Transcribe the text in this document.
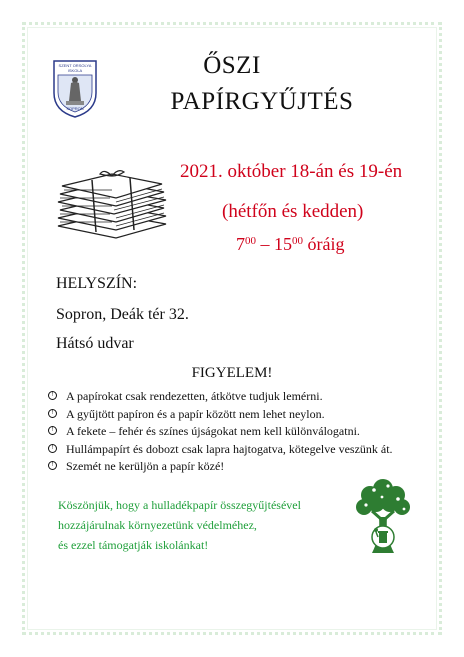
SZENT ORSOLYA
ISKOLA
SOPRON
ŐSZI
PAPÍRGYŰJTÉS
2021. október 18-án és 19-én
(hétfőn és kedden)
$7^{00} - 15^{00}$ óráig
HELYSZÍN:
Sopron, Deák tér 32.
Hátsó udvar
FIGYELEM!
!	A papírokat csak rendezetten, átkötve tudjuk lemérni.
!	A gyűjtött papíron és a papír között nem lehet neylon.
!	A fekete – fehér és színes újságokat nem kell különválogatni.
!	Hullámpapírt és dobozt csak lapra hajtogatva, kötegelve veszünk át.
!	Szemét ne kerüljön a papír közé!
Köszönjük, hogy a hulladékpapír összegyűjtésével
hozzájárulnak környezetünk védelméhez,
és ezzel támogatják iskolánkat!
